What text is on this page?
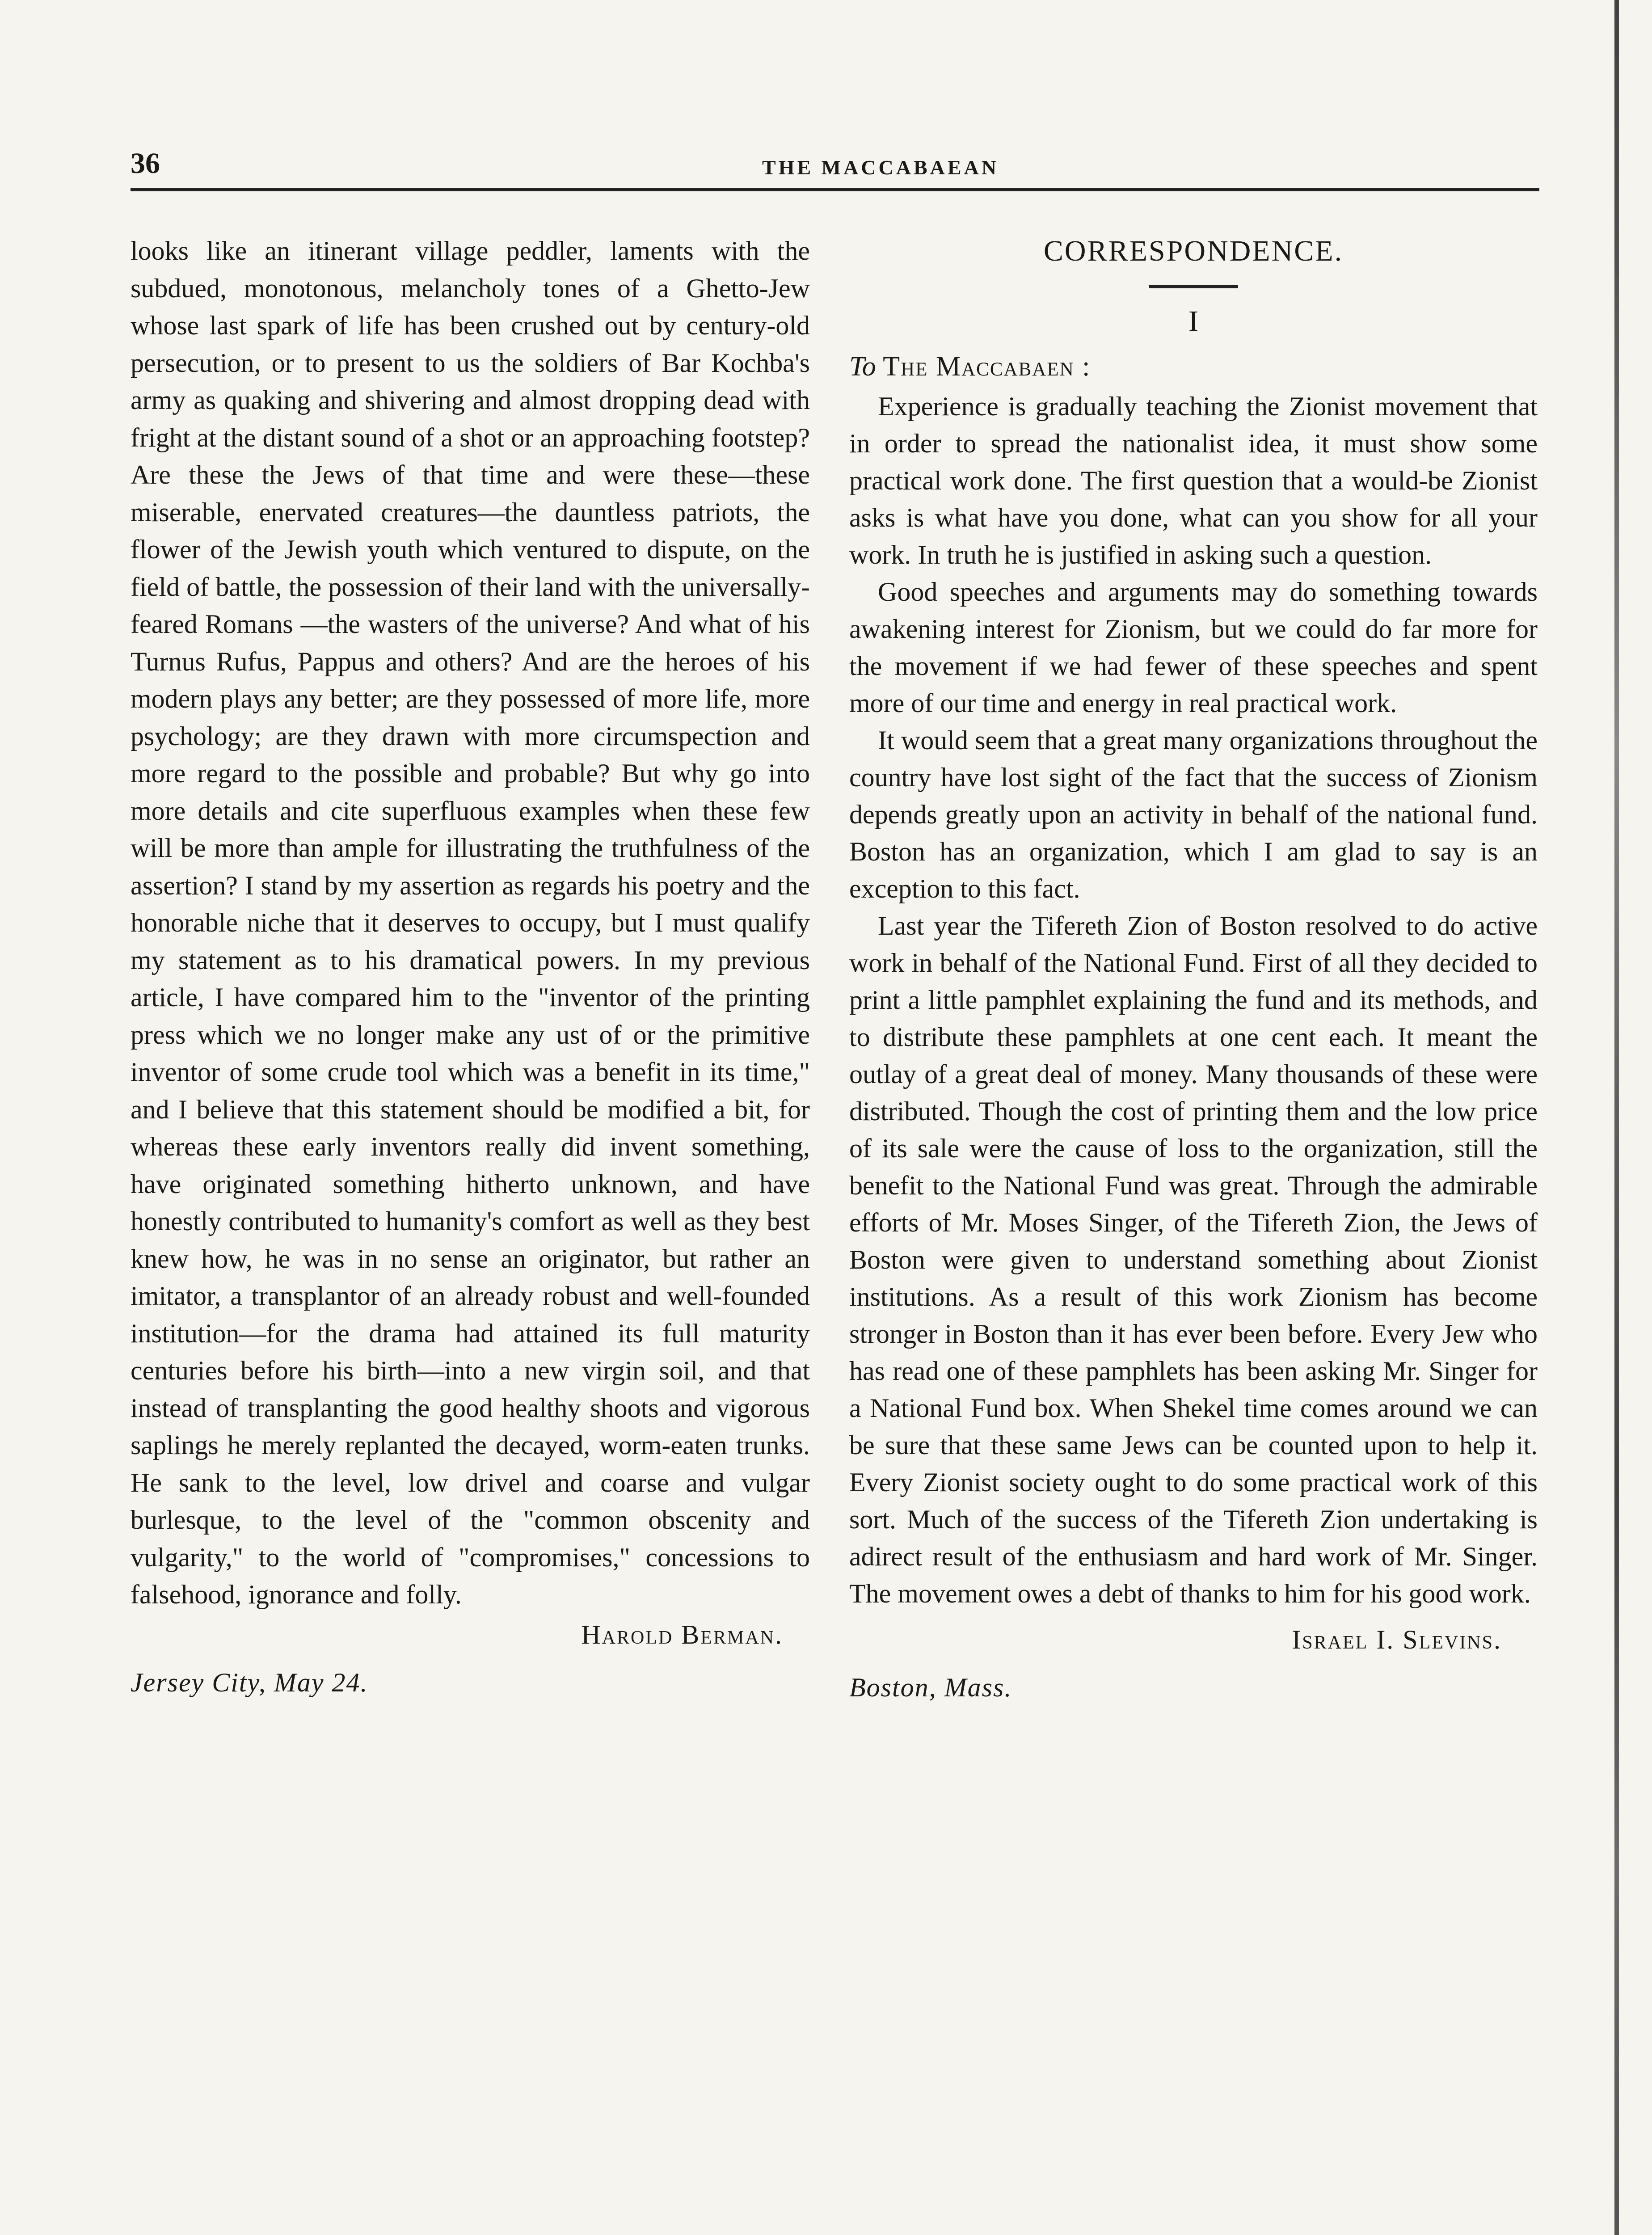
36	THE MACCABAEAN

looks like an itinerant village peddler, laments with the subdued, monotonous, melancholy tones of a Ghetto-Jew whose last spark of life has been crushed out by century-old persecution, or to present to us the soldiers of Bar Kochba's army as quaking and shivering and almost dropping dead with fright at the distant sound of a shot or an approaching footstep? Are these the Jews of that time and were these—these miserable, enervated creatures—the dauntless patriots, the flower of the Jewish youth which ventured to dispute, on the field of battle, the possession of their land with the universally-feared Romans —the wasters of the universe? And what of his Turnus Rufus, Pappus and others? And are the heroes of his modern plays any better; are they possessed of more life, more psychology; are they drawn with more circumspection and more regard to the possible and probable? But why go into more details and cite superfluous examples when these few will be more than ample for illustrating the truthfulness of the assertion? I stand by my assertion as regards his poetry and the honorable niche that it deserves to occupy, but I must qualify my statement as to his dramatical powers. In my previous article, I have compared him to the "inventor of the printing press which we no longer make any ust of or the primitive inventor of some crude tool which was a benefit in its time," and I believe that this statement should be modified a bit, for whereas these early inventors really did invent something, have originated something hitherto unknown, and have honestly contributed to humanity's comfort as well as they best knew how, he was in no sense an originator, but rather an imitator, a transplantor of an already robust and well-founded institution—for the drama had attained its full maturity centuries before his birth—into a new virgin soil, and that instead of transplanting the good healthy shoots and vigorous saplings he merely replanted the decayed, worm-eaten trunks. He sank to the level, low drivel and coarse and vulgar burlesque, to the level of the "common obscenity and vulgarity," to the world of "compromises," concessions to falsehood, ignorance and folly.

Harold Berman.
Jersey City, May 24.
CORRESPONDENCE.
I
To The Maccabaen :

Experience is gradually teaching the Zionist movement that in order to spread the nationalist idea, it must show some practical work done. The first question that a would-be Zionist asks is what have you done, what can you show for all your work. In truth he is justified in asking such a question.

Good speeches and arguments may do something towards awakening interest for Zionism, but we could do far more for the movement if we had fewer of these speeches and spent more of our time and energy in real practical work.

It would seem that a great many organizations throughout the country have lost sight of the fact that the success of Zionism depends greatly upon an activity in behalf of the national fund. Boston has an organization, which I am glad to say is an exception to this fact.

Last year the Tifereth Zion of Boston resolved to do active work in behalf of the National Fund. First of all they decided to print a little pamphlet explaining the fund and its methods, and to distribute these pamphlets at one cent each. It meant the outlay of a great deal of money. Many thousands of these were distributed. Though the cost of printing them and the low price of its sale were the cause of loss to the organization, still the benefit to the National Fund was great. Through the admirable efforts of Mr. Moses Singer, of the Tifereth Zion, the Jews of Boston were given to understand something about Zionist institutions. As a result of this work Zionism has become stronger in Boston than it has ever been before. Every Jew who has read one of these pamphlets has been asking Mr. Singer for a National Fund box. When Shekel time comes around we can be sure that these same Jews can be counted upon to help it. Every Zionist society ought to do some practical work of this sort. Much of the success of the Tifereth Zion undertaking is adirect result of the enthusiasm and hard work of Mr. Singer. The movement owes a debt of thanks to him for his good work.

Israel I. Slevins.
Boston, Mass.
